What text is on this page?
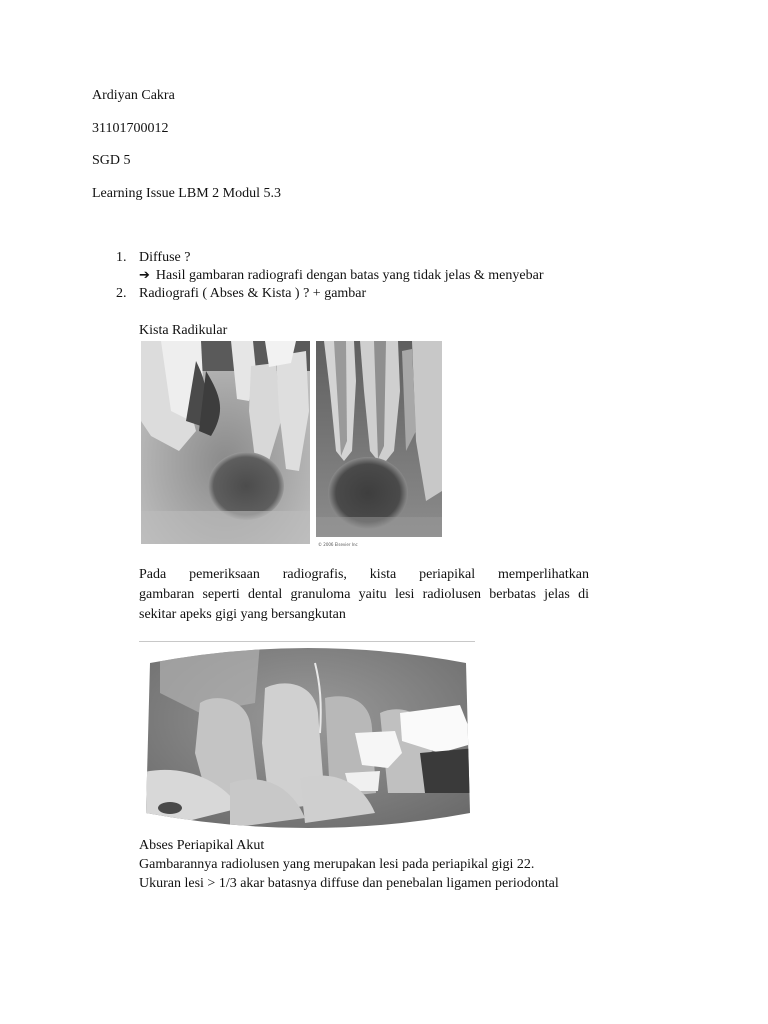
Ardiyan Cakra
31101700012
SGD 5
Learning Issue LBM 2 Modul 5.3
1. Diffuse ?
➔ Hasil gambaran radiografi dengan batas yang tidak jelas & menyebar
2. Radiografi ( Abses & Kista ) ? + gambar
Kista Radikular
© 2006 Elsevier Inc
Pada pemeriksaan radiografis, kista periapikal memperlihatkan
gambaran seperti dental granuloma yaitu lesi radiolusen berbatas jelas di
sekitar apeks gigi yang bersangkutan
Abses Periapikal Akut
Gambarannya radiolusen yang merupakan lesi pada periapikal gigi 22.
Ukuran lesi > 1/3 akar batasnya diffuse dan penebalan ligamen periodontal
